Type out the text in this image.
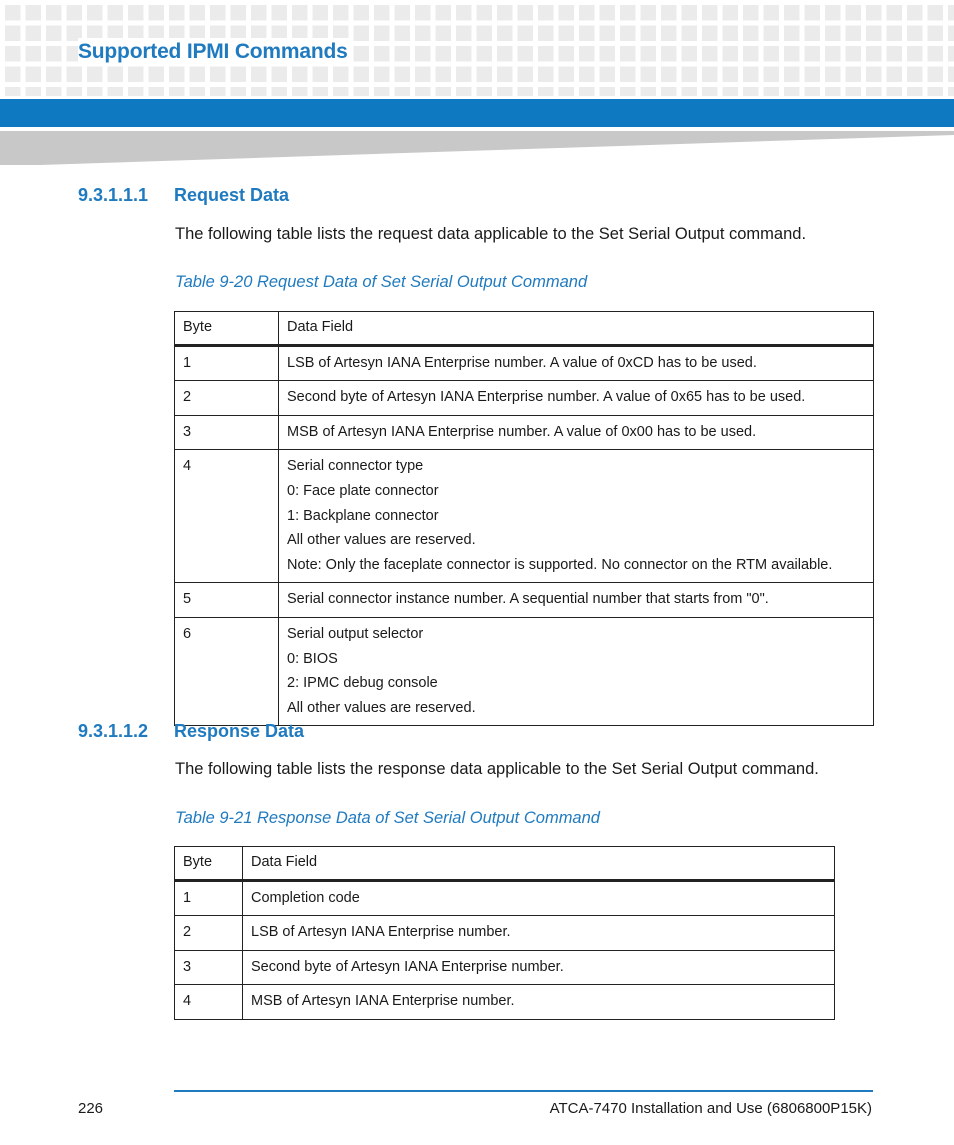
Supported IPMI Commands
9.3.1.1.1 Request Data

The following table lists the request data applicable to the Set Serial Output command.

Table 9-20 Request Data of Set Serial Output Command

Byte	Data Field
1	LSB of Artesyn IANA Enterprise number. A value of 0xCD has to be used.

2	Second byte of Artesyn IANA Enterprise number. A value of 0x65 has to be used.

3	MSB of Artesyn IANA Enterprise number. A value of 0x00 has to be used.

4	Serial connector type
0: Face plate connector
1: Backplane connector
All other values are reserved.
Note: Only the faceplate connector is supported. No connector on the RTM available.

5	Serial connector instance number. A sequential number that starts from "0".

6	Serial output selector
0: BIOS
2: IPMC debug console
All other values are reserved.
9.3.1.1.2 Response Data

The following table lists the response data applicable to the Set Serial Output command.

Table 9-21 Response Data of Set Serial Output Command

Byte	Data Field
1	Completion code

2	LSB of Artesyn IANA Enterprise number.

3	Second byte of Artesyn IANA Enterprise number.

4	MSB of Artesyn IANA Enterprise number.

226	ATCA-7470 Installation and Use (6806800P15K)
